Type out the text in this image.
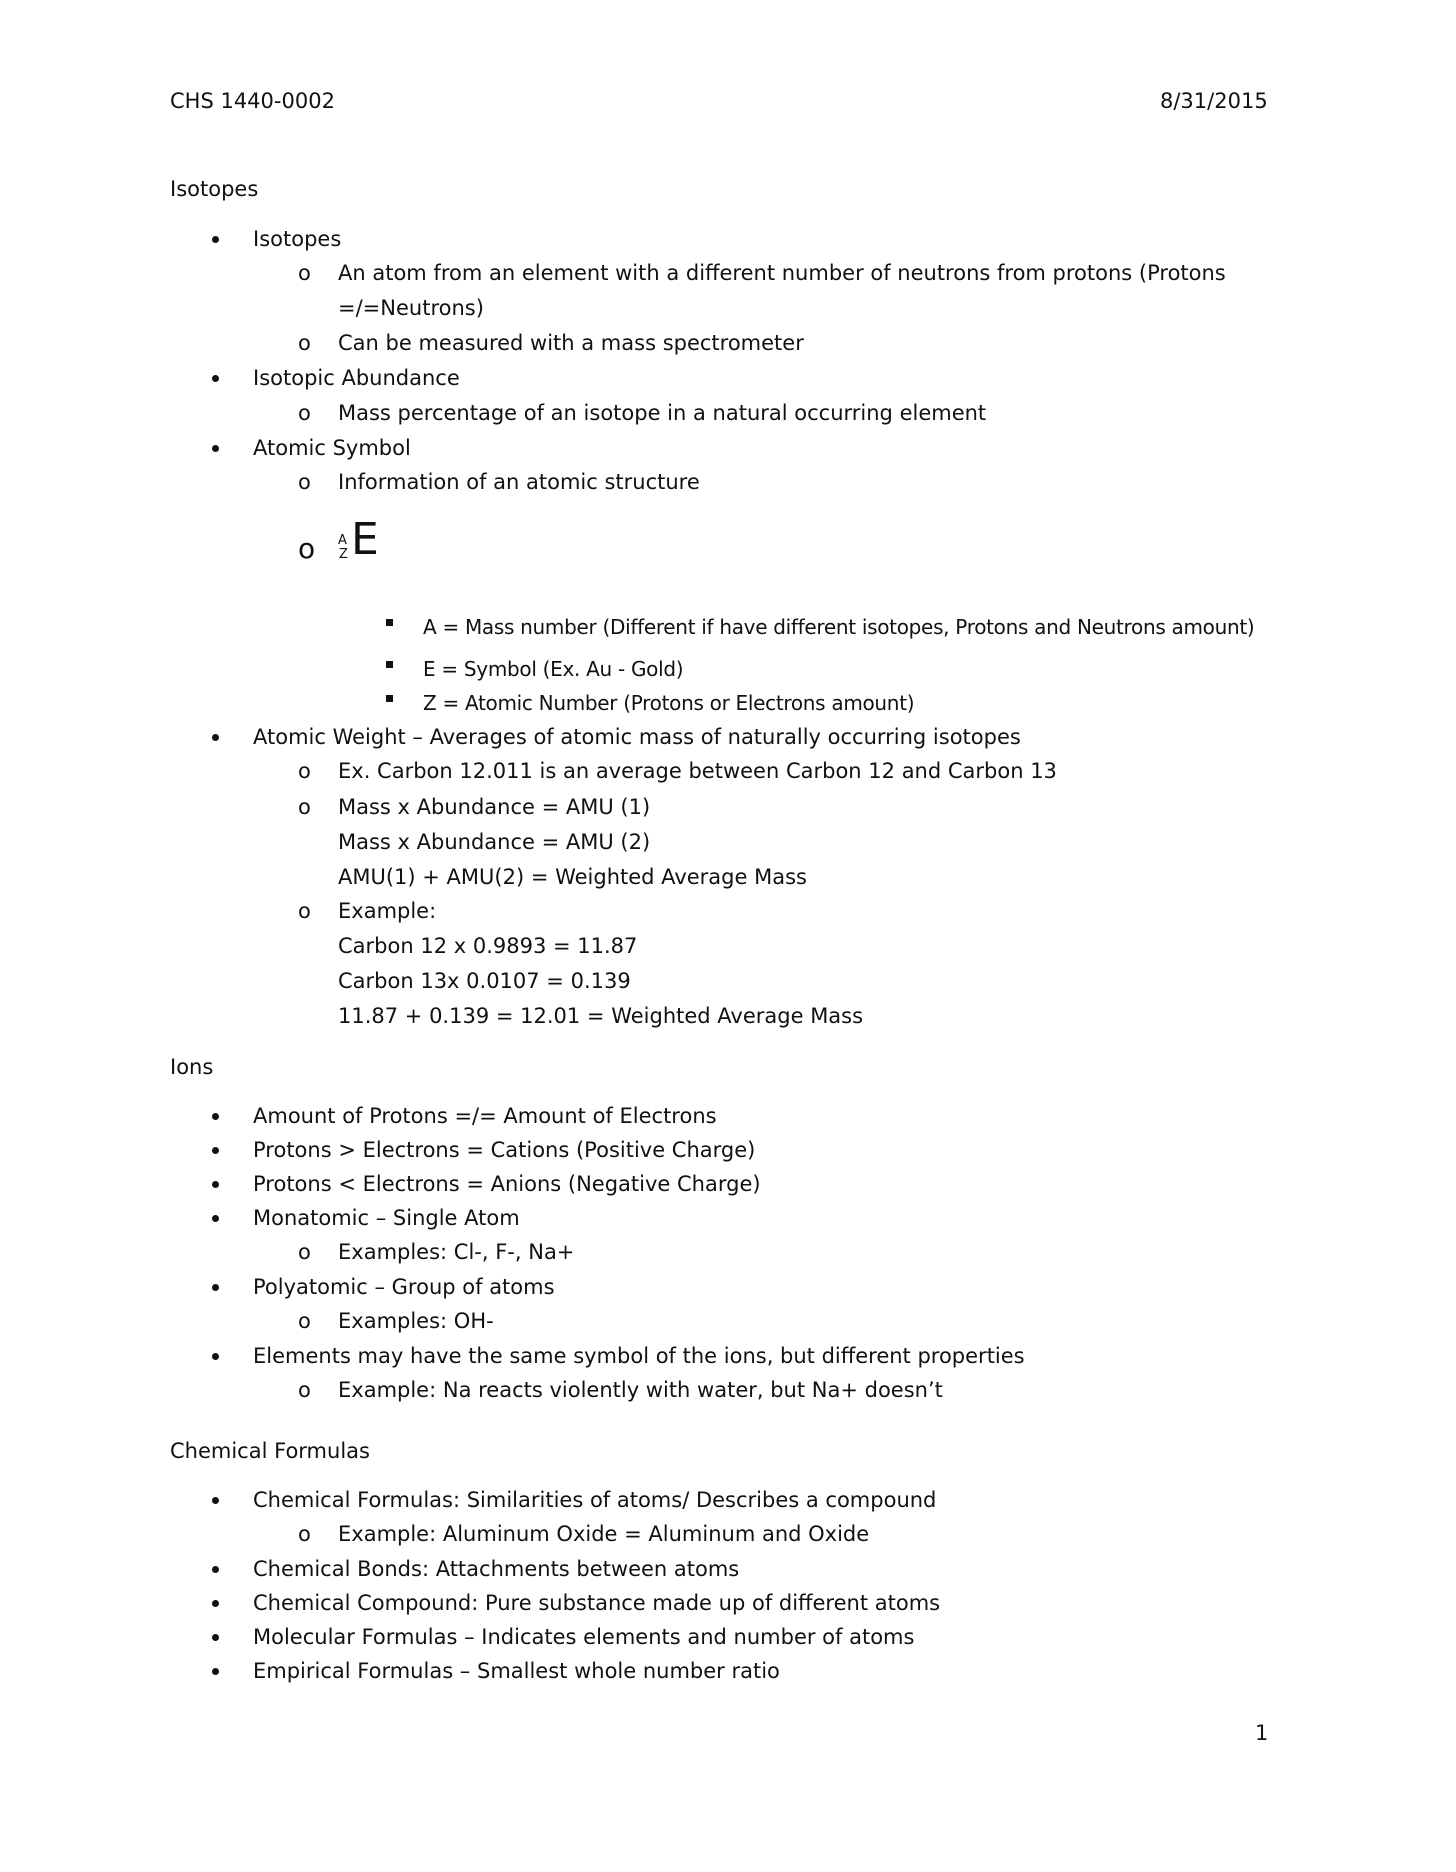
CHS 1440-0002	8/31/2015
Isotopes
Isotopes
o An atom from an element with a different number of neutrons from protons (Protons
=/=Neutrons)
o Can be measured with a mass spectrometer
Isotopic Abundance
o Mass percentage of an isotope in a natural occurring element
Atomic Symbol
o Information of an atomic structure
o A
Z E
A = Mass number (Different if have different isotopes, Protons and Neutrons amount)
E = Symbol (Ex. Au - Gold)
Z = Atomic Number (Protons or Electrons amount)
Atomic Weight – Averages of atomic mass of naturally occurring isotopes
o Ex. Carbon 12.011 is an average between Carbon 12 and Carbon 13
o Mass x Abundance = AMU (1)
Mass x Abundance = AMU (2)
AMU(1) + AMU(2) = Weighted Average Mass
o Example:
Carbon 12 x 0.9893 = 11.87
Carbon 13x 0.0107 = 0.139
11.87 + 0.139 = 12.01 = Weighted Average Mass
Ions
Amount of Protons =/= Amount of Electrons
Protons > Electrons = Cations (Positive Charge)
Protons < Electrons = Anions (Negative Charge)
Monatomic – Single Atom
o Examples: Cl-, F-, Na+
Polyatomic – Group of atoms
o Examples: OH-
Elements may have the same symbol of the ions, but different properties
o Example: Na reacts violently with water, but Na+ doesn’t
Chemical Formulas
Chemical Formulas: Similarities of atoms/ Describes a compound
o Example: Aluminum Oxide = Aluminum and Oxide
Chemical Bonds: Attachments between atoms
Chemical Compound: Pure substance made up of different atoms
Molecular Formulas – Indicates elements and number of atoms
Empirical Formulas – Smallest whole number ratio
1
